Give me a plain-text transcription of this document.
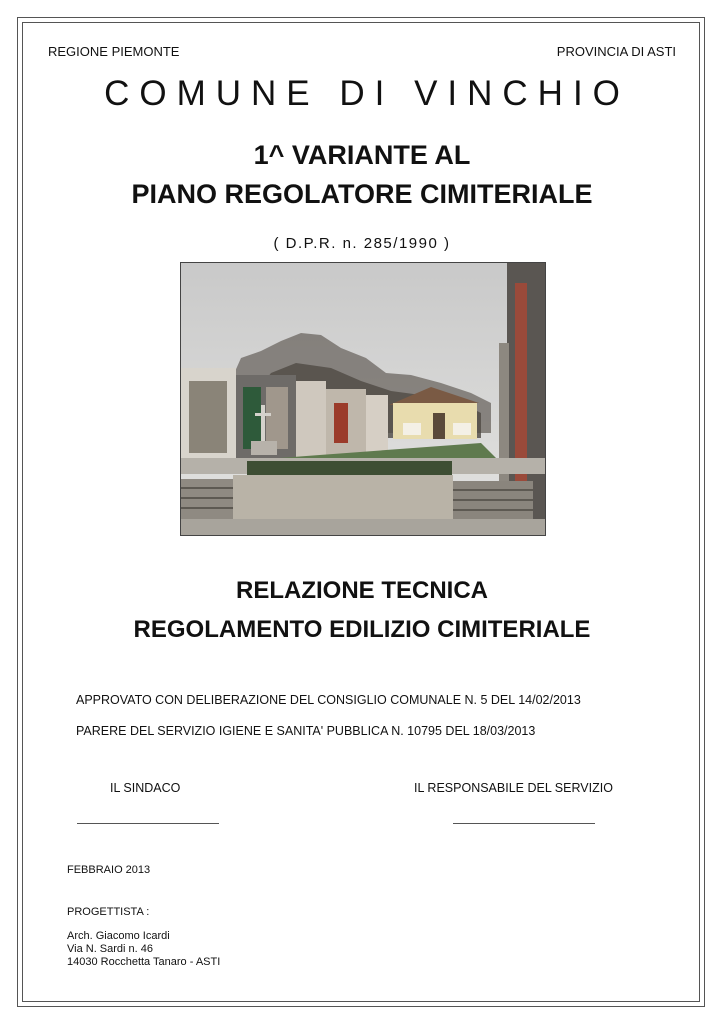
REGIONE PIEMONTE	PROVINCIA DI ASTI
COMUNE DI VINCHIO
1^ VARIANTE AL
PIANO REGOLATORE CIMITERIALE
( D.P.R. n. 285/1990 )
RELAZIONE TECNICA
REGOLAMENTO EDILIZIO CIMITERIALE
APPROVATO CON DELIBERAZIONE DEL CONSIGLIO COMUNALE N. 5 DEL 14/02/2013
PARERE DEL SERVIZIO IGIENE E SANITA' PUBBLICA N. 10795 DEL 18/03/2013
IL SINDACO	IL RESPONSABILE DEL SERVIZIO
FEBBRAIO 2013
PROGETTISTA :
Arch. Giacomo Icardi
Via N. Sardi n. 46
14030 Rocchetta Tanaro - ASTI
